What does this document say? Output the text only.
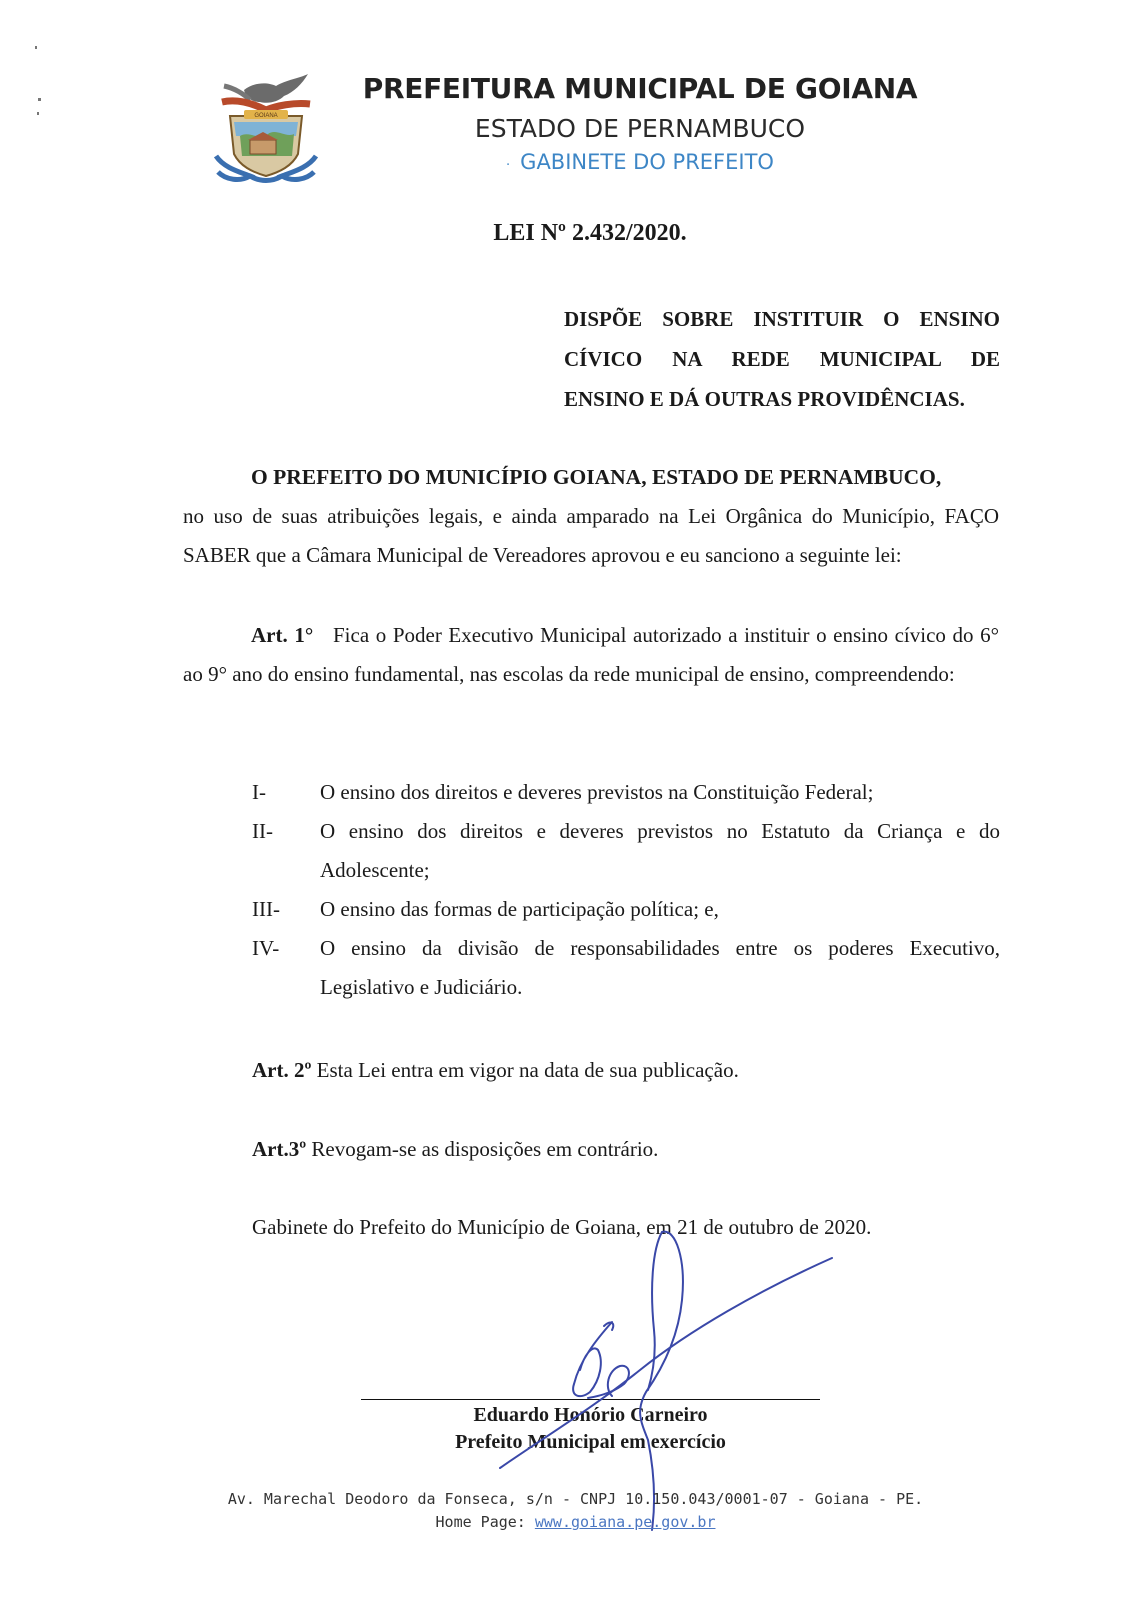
GOIANA
PREFEITURA MUNICIPAL DE GOIANA
ESTADO DE PERNAMBUCO
· GABINETE DO PREFEITO
LEI Nº 2.432/2020.
DISPÕE SOBRE INSTITUIR O ENSINO
CÍVICO NA REDE MUNICIPAL DE
ENSINO E DÁ OUTRAS PROVIDÊNCIAS.
O PREFEITO DO MUNICÍPIO GOIANA, ESTADO DE PERNAMBUCO,
no uso de suas atribuições legais, e ainda amparado na Lei Orgânica do Município, FAÇO SABER que a Câmara Municipal de Vereadores aprovou e eu sanciono a seguinte lei:
Art. 1° Fica o Poder Executivo Municipal autorizado a instituir o ensino cívico do 6° ao 9° ano do ensino fundamental, nas escolas da rede municipal de ensino, compreendendo:
I-	O ensino dos direitos e deveres previstos na Constituição Federal;
II-	O ensino dos direitos e deveres previstos no Estatuto da Criança e do Adolescente;
III-	O ensino das formas de participação política; e,
IV-	O ensino da divisão de responsabilidades entre os poderes Executivo, Legislativo e Judiciário.
Art. 2º Esta Lei entra em vigor na data de sua publicação.
Art.3º Revogam-se as disposições em contrário.
Gabinete do Prefeito do Município de Goiana, em 21 de outubro de 2020.
Eduardo Honório Carneiro
Prefeito Municipal em exercício
Av. Marechal Deodoro da Fonseca, s/n - CNPJ 10.150.043/0001-07 - Goiana - PE.
Home Page: www.goiana.pe.gov.br
